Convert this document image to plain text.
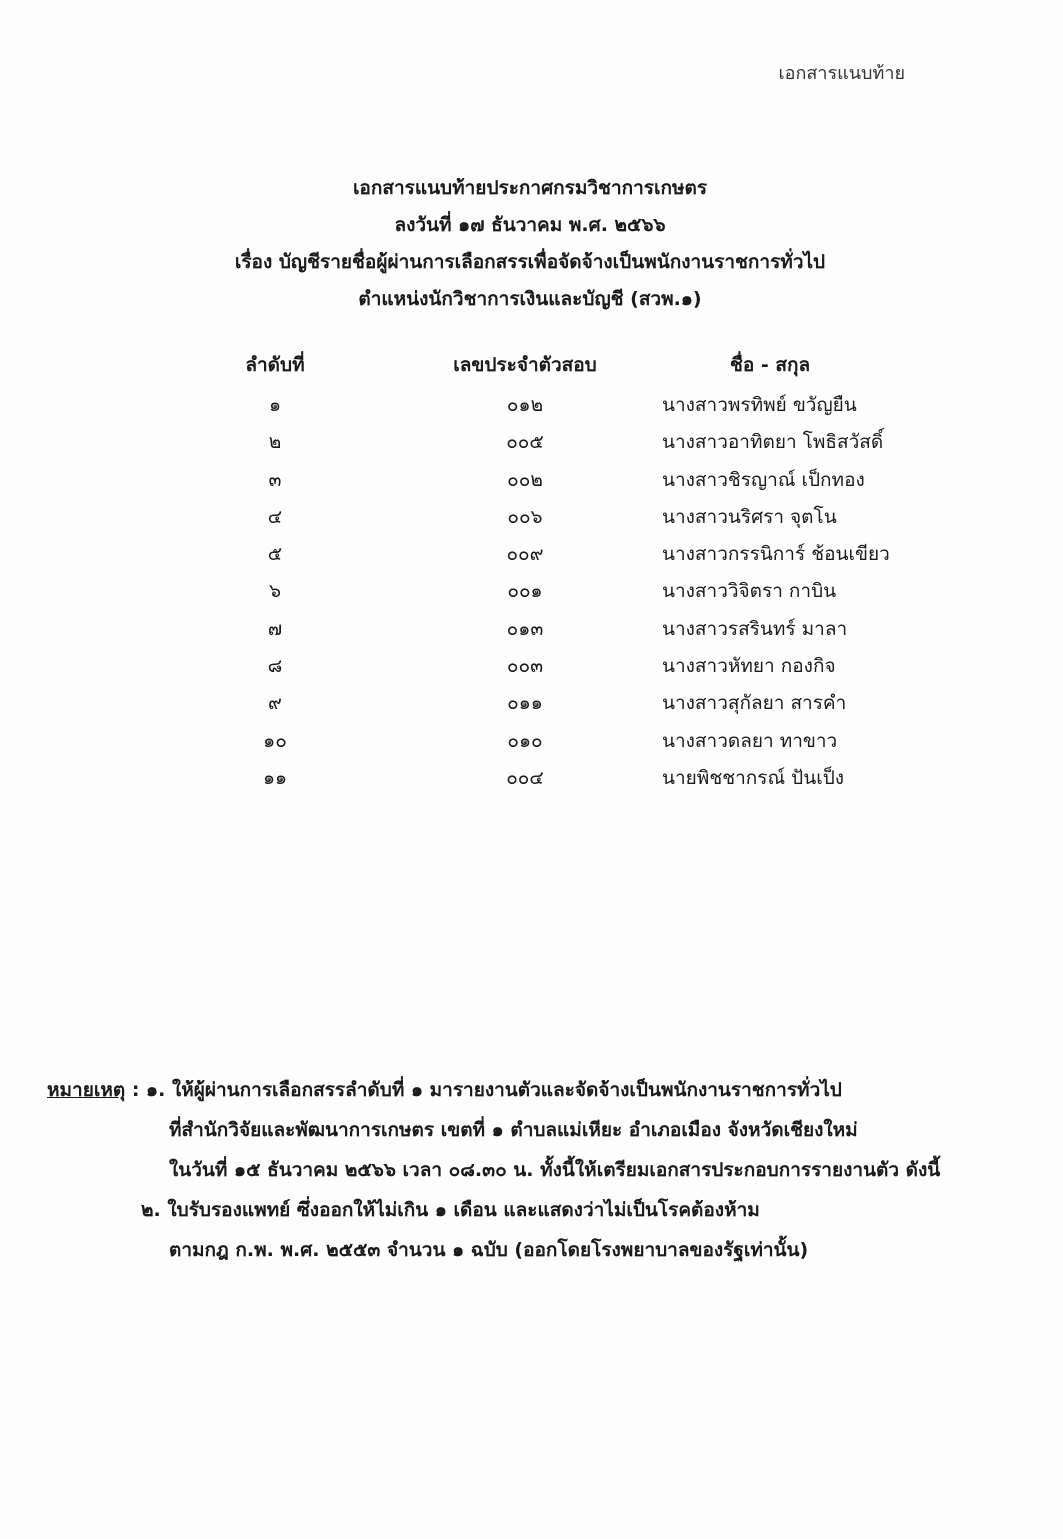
เอกสารแนบท้าย
เอกสารแนบท้ายประกาศกรมวิชาการเกษตร
ลงวันที่ ๑๗ ธันวาคม พ.ศ. ๒๕๖๖
เรื่อง บัญชีรายชื่อผู้ผ่านการเลือกสรรเพื่อจัดจ้างเป็นพนักงานราชการทั่วไป
ตำแหน่งนักวิชาการเงินและบัญชี (สวพ.๑)
ลำดับที่	เลขประจำตัวสอบ	ชื่อ - สกุล
๑	๐๑๒	นางสาวพรทิพย์ ขวัญยืน
๒	๐๐๕	นางสาวอาทิตยา โพธิสวัสดิ์
๓	๐๐๒	นางสาวชิรญาณ์ เป็กทอง
๔	๐๐๖	นางสาวนริศรา จุตโน
๕	๐๐๙	นางสาวกรรนิการ์ ช้อนเขียว
๖	๐๐๑	นางสาววิจิตรา กาบิน
๗	๐๑๓	นางสาวรสรินทร์ มาลา
๘	๐๐๓	นางสาวหัทยา กองกิจ
๙	๐๑๑	นางสาวสุกัลยา สารคำ
๑๐	๐๑๐	นางสาวดลยา ทาขาว
๑๑	๐๐๔	นายพิชชากรณ์ ปันเป็ง
หมายเหตุ : ๑. ให้ผู้ผ่านการเลือกสรรลำดับที่ ๑ มารายงานตัวและจัดจ้างเป็นพนักงานราชการทั่วไป
ที่สำนักวิจัยและพัฒนาการเกษตร เขตที่ ๑ ตำบลแม่เหียะ อำเภอเมือง จังหวัดเชียงใหม่
ในวันที่ ๑๕ ธันวาคม ๒๕๖๖ เวลา ๐๘.๓๐ น. ทั้งนี้ให้เตรียมเอกสารประกอบการรายงานตัว ดังนี้
๒. ใบรับรองแพทย์ ซึ่งออกให้ไม่เกิน ๑ เดือน และแสดงว่าไม่เป็นโรคต้องห้าม
ตามกฎ ก.พ. พ.ศ. ๒๕๕๓ จำนวน ๑ ฉบับ (ออกโดยโรงพยาบาลของรัฐเท่านั้น)
